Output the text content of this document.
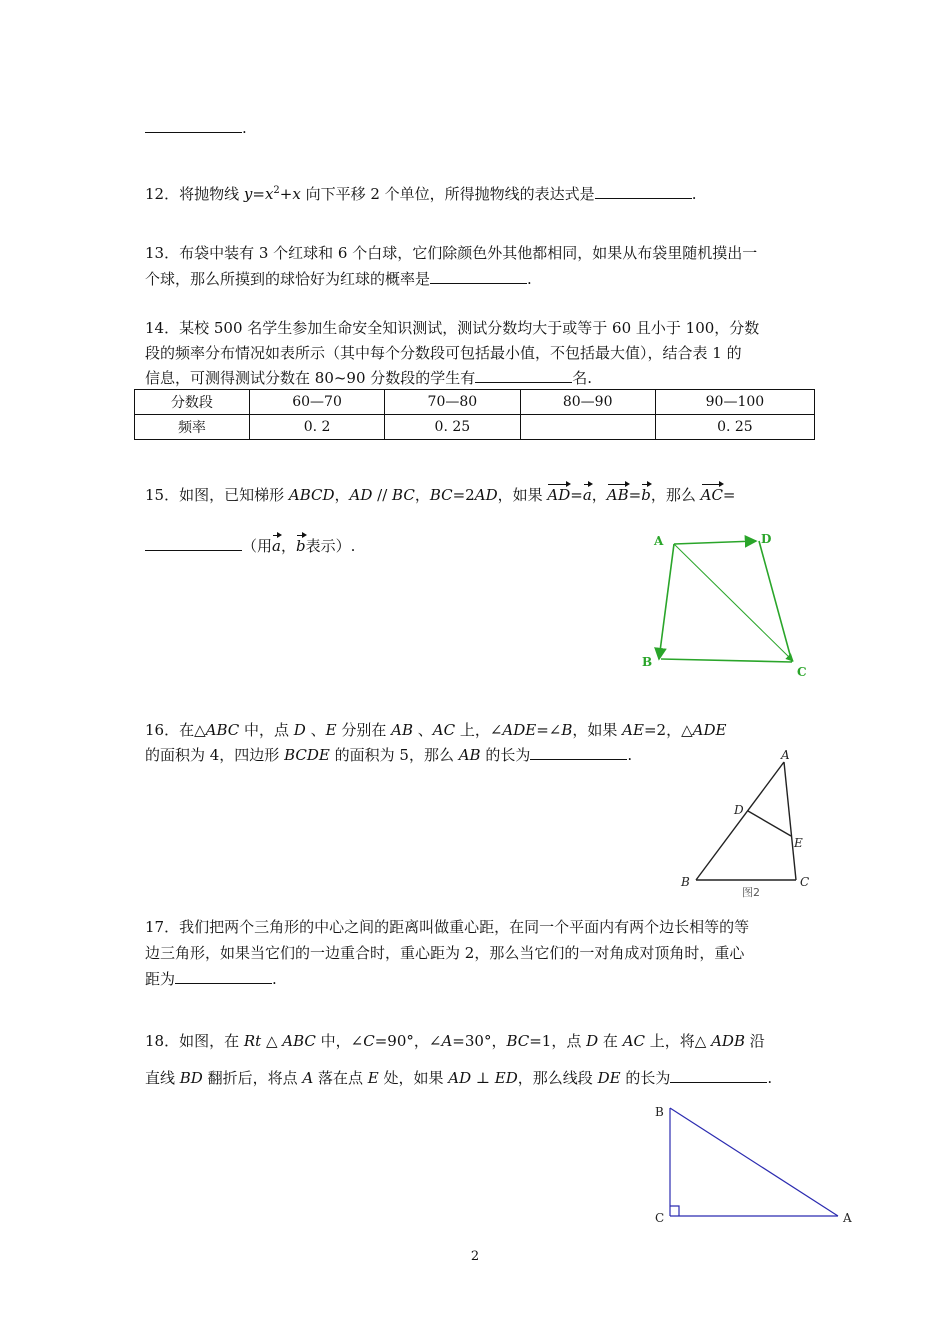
.
12．将抛物线 $y=x^2+x$ 向下平移 2 个单位，所得抛物线的表达式是	.
13．布袋中装有 3 个红球和 6 个白球，它们除颜色外其他都相同，如果从布袋里随机摸出一
个球，那么所摸到的球恰好为红球的概率是	.
14．某校 500 名学生参加生命安全知识测试，测试分数均大于或等于 60 且小于 100，分数
段的频率分布情况如表所示（其中每个分数段可包括最小值，不包括最大值），结合表 1 的
信息，可测得测试分数在 80~90 分数段的学生有	名.
分数段	60—70	70—80	80—90	90—100
频率	0. 2	0. 25		0. 25
15．如图，已知梯形 ABCD，AD // BC，BC=2AD，如果 AD=a，AB=b，那么 AC=
（用a，b表示）.	A	D
B
C
16．在△ABC 中，点 D 、E 分别在 AB 、AC 上，∠ADE=∠B，如果 AE=2，△ADE
的面积为 4，四边形 BCDE 的面积为 5，那么 AB 的长为	.	A
D
E
B	C
图2
17．我们把两个三角形的中心之间的距离叫做重心距，在同一个平面内有两个边长相等的等
边三角形，如果当它们的一边重合时，重心距为 2，那么当它们的一对角成对顶角时，重心
距为	.
18．如图，在 Rt △ ABC 中，∠C=90°，∠A=30°，BC=1，点 D 在 AC 上，将△ ADB 沿
直线 BD 翻折后，将点 A 落在点 E 处，如果 AD ⊥ ED，那么线段 DE 的长为	.
B
C	A
2
